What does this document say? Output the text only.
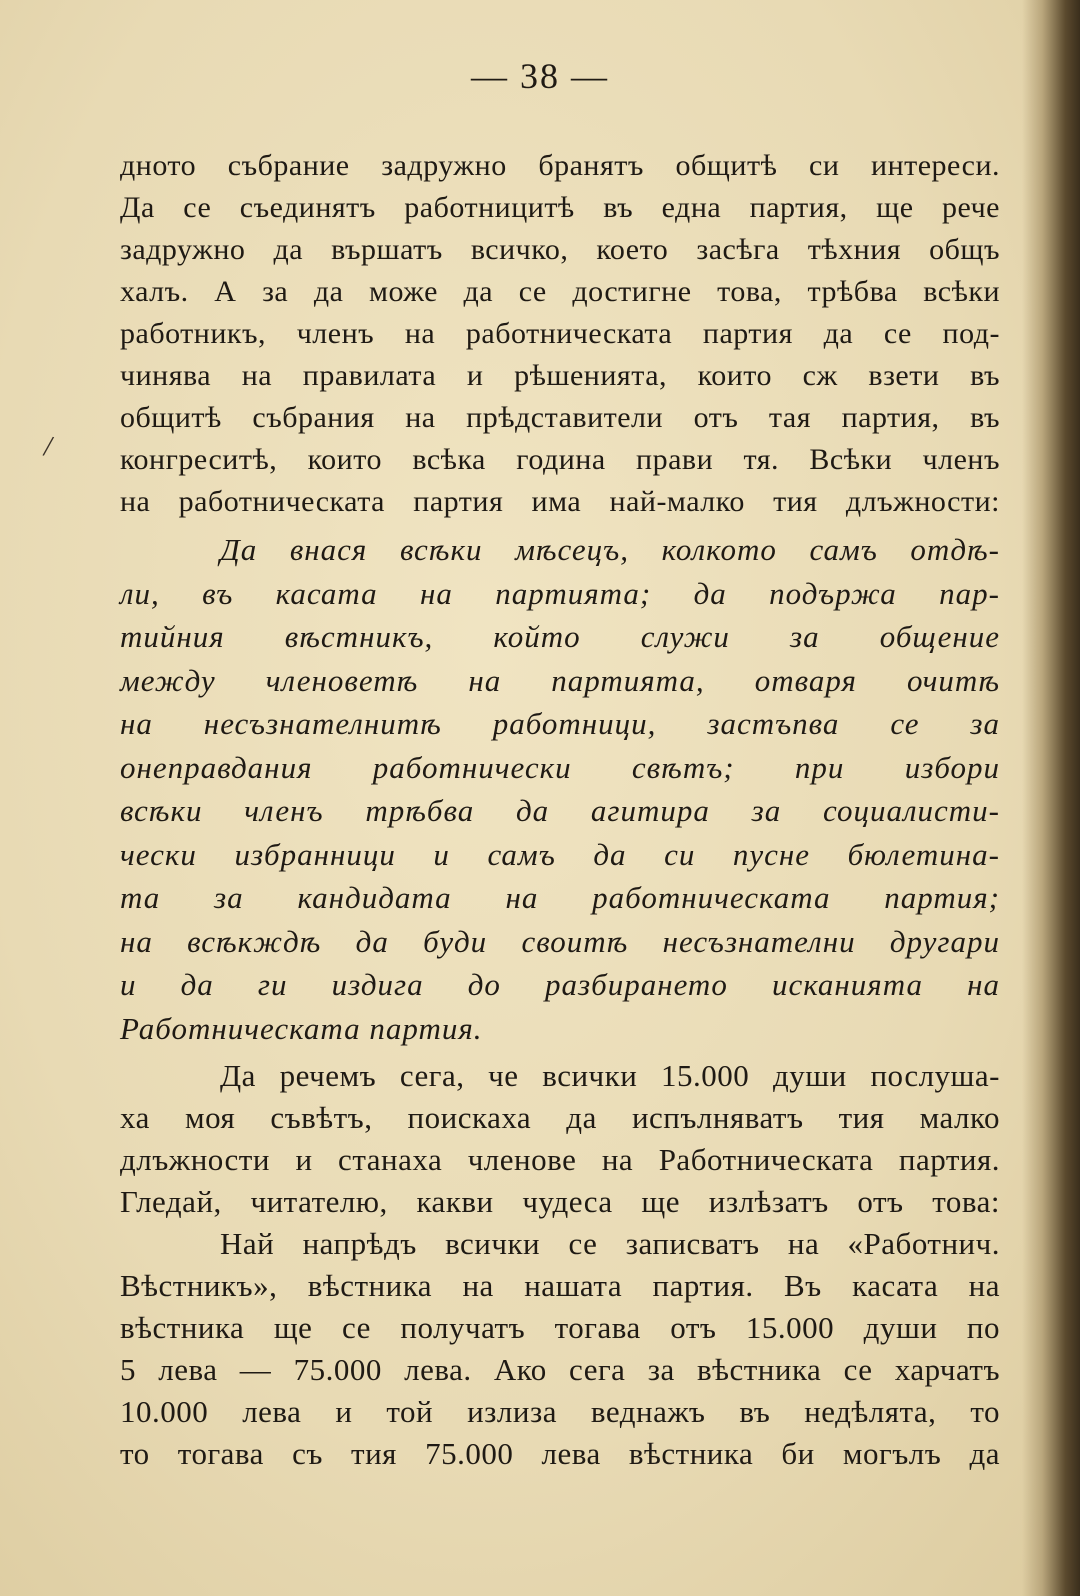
— 38 —
/
дното събрание задружно бранятъ общитѣ си интереси.
Да се съединятъ работницитѣ въ една партия, ще рече
задружно да вършатъ всичко, което засѣга тѣхния общъ
халъ. А за да може да се достигне това, трѣбва всѣки
работникъ, членъ на работническата партия да се под-
чинява на правилата и рѣшенията, които сж взети въ
общитѣ събрания на прѣдставители отъ тая партия, въ
конгреситѣ, които всѣка година прави тя. Всѣки членъ
на работническата партия има най-малко тия длъжности:
Да внася всѣки мѣсецъ, колкото самъ отдѣ-
ли, въ касата на партията; да подържа пар-
тийния вѣстникъ, който служи за общение
между членоветѣ на партията, отваря очитѣ
на несъзнателнитѣ работници, застъпва се за
онеправдания работнически свѣтъ; при избори
всѣки членъ трѣбва да агитира за социалисти-
чески избранници и самъ да си пусне бюлетина-
та за кандидата на работническата партия;
на всѣкждѣ да буди своитѣ несъзнателни другари
и да ги издига до разбирането исканията на
Работническата партия.
Да речемъ сега, че всички 15.000 души послуша-
ха моя съвѣтъ, поискаха да испълняватъ тия малко
длъжности и станаха членове на Работническата партия.
Гледай, читателю, какви чудеса ще излѣзатъ отъ това:
Най напрѣдъ всички се записватъ на «Работнич.
Вѣстникъ», вѣстника на нашата партия. Въ касата на
вѣстника ще се получатъ тогава отъ 15.000 души по
5 лева — 75.000 лева. Ако сега за вѣстника се харчатъ
10.000 лева и той излиза веднажъ въ недѣлята, то
то тогава съ тия 75.000 лева вѣстника би могълъ да
